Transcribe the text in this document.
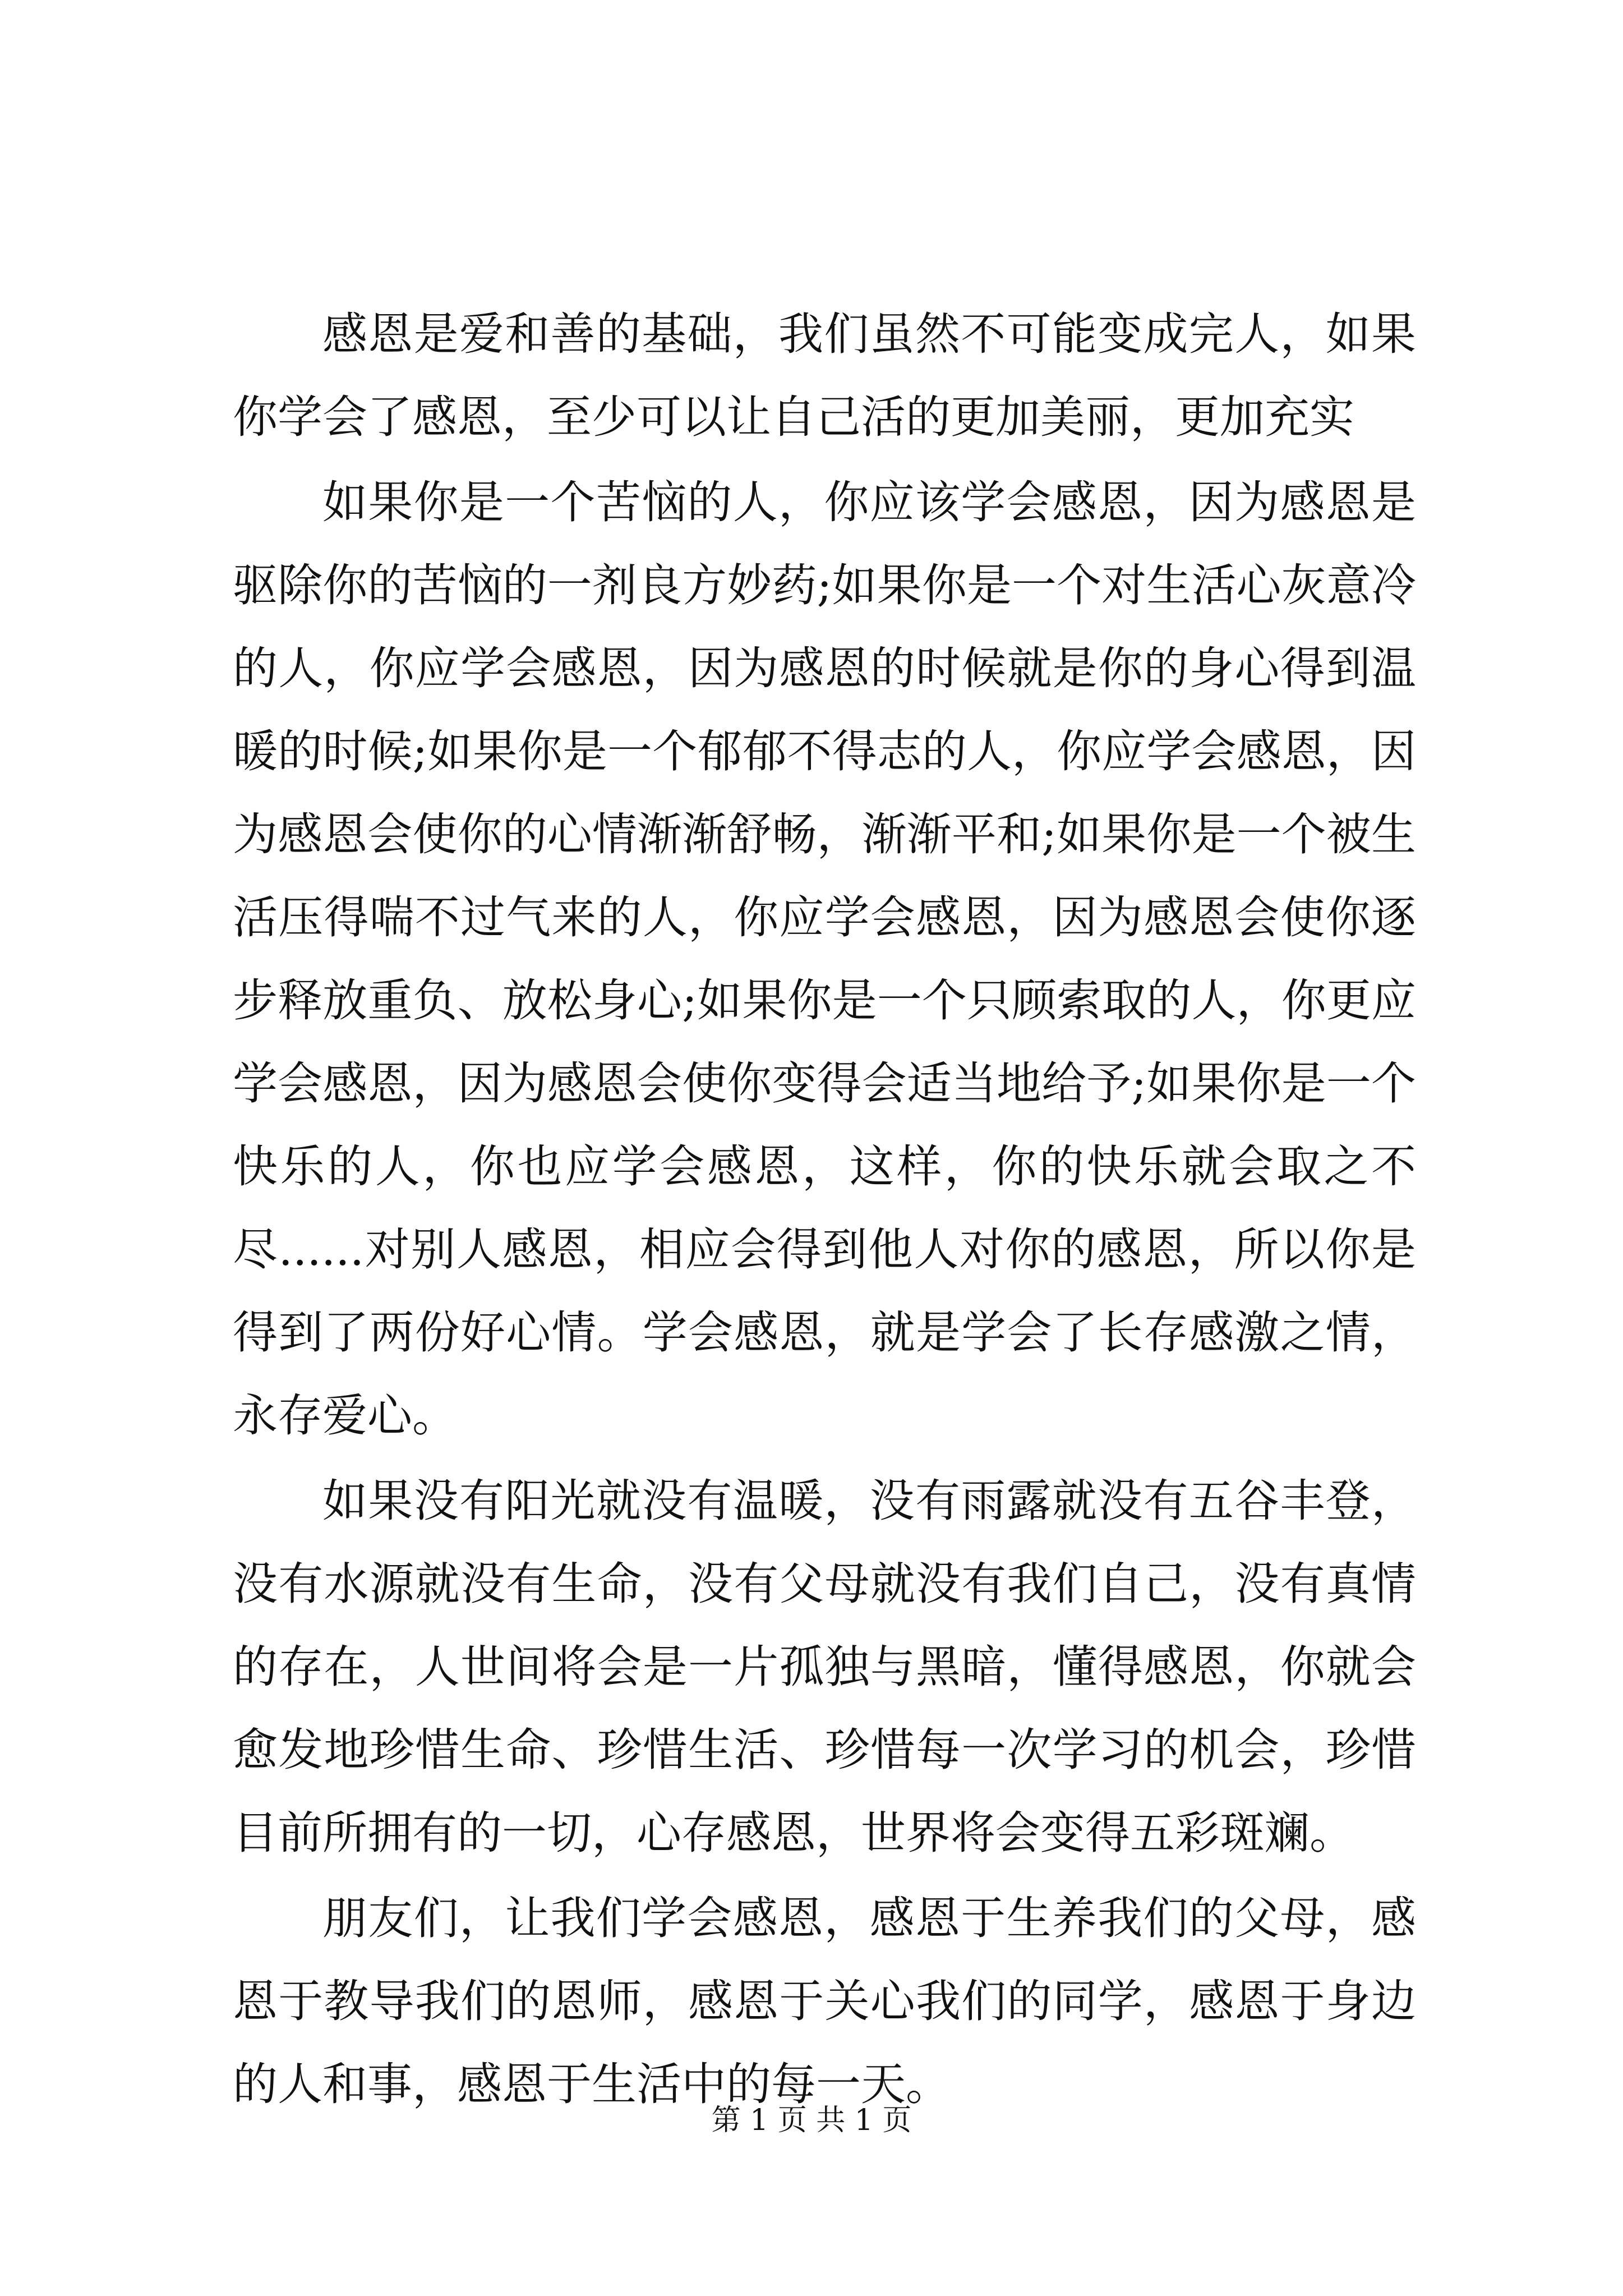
感恩是爱和善的基础，我们虽然不可能变成完人，如果你学会了感恩，至少可以让自己活的更加美丽，更加充实

如果你是一个苦恼的人，你应该学会感恩，因为感恩是驱除你的苦恼的一剂良方妙药;如果你是一个对生活心灰意冷的人，你应学会感恩，因为感恩的时候就是你的身心得到温暖的时候;如果你是一个郁郁不得志的人，你应学会感恩，因为感恩会使你的心情渐渐舒畅，渐渐平和;如果你是一个被生活压得喘不过气来的人，你应学会感恩，因为感恩会使你逐步释放重负、放松身心;如果你是一个只顾索取的人，你更应学会感恩，因为感恩会使你变得会适当地给予;如果你是一个快乐的人，你也应学会感恩，这样，你的快乐就会取之不尽......对别人感恩，相应会得到他人对你的感恩，所以你是得到了两份好心情。学会感恩，就是学会了长存感激之情，永存爱心。

如果没有阳光就没有温暖，没有雨露就没有五谷丰登，没有水源就没有生命，没有父母就没有我们自己，没有真情的存在，人世间将会是一片孤独与黑暗，懂得感恩，你就会愈发地珍惜生命、珍惜生活、珍惜每一次学习的机会，珍惜目前所拥有的一切，心存感恩，世界将会变得五彩斑斓。

朋友们，让我们学会感恩，感恩于生养我们的父母，感恩于教导我们的恩师，感恩于关心我们的同学，感恩于身边的人和事，感恩于生活中的每一天。

第 1 页 共 1 页
